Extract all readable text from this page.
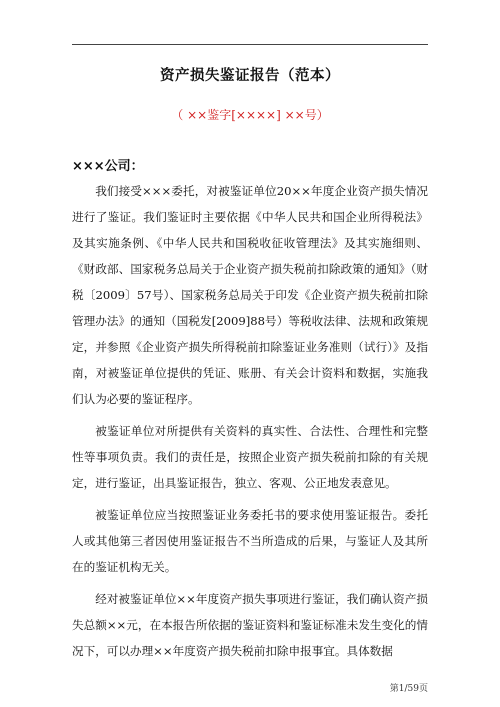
资产损失鉴证报告（范本）
（ ××鉴字[××××] ××号）
×××公司：

我们接受×××委托，对被鉴证单位20××年度企业资产损失情况进行了鉴证。我们鉴证时主要依据《中华人民共和国企业所得税法》及其实施条例、《中华人民共和国税收征收管理法》及其实施细则、《财政部、国家税务总局关于企业资产损失税前扣除政策的通知》（财税〔2009〕57号）、国家税务总局关于印发《企业资产损失税前扣除管理办法》的通知（国税发[2009]88号）等税收法律、法规和政策规定，并参照《企业资产损失所得税前扣除鉴证业务准则（试行）》及指南，对被鉴证单位提供的凭证、账册、有关会计资料和数据，实施我们认为必要的鉴证程序。

被鉴证单位对所提供有关资料的真实性、合法性、合理性和完整性等事项负责。我们的责任是，按照企业资产损失税前扣除的有关规定，进行鉴证，出具鉴证报告，独立、客观、公正地发表意见。

被鉴证单位应当按照鉴证业务委托书的要求使用鉴证报告。委托人或其他第三者因使用鉴证报告不当所造成的后果，与鉴证人及其所在的鉴证机构无关。

经对被鉴证单位××年度资产损失事项进行鉴证，我们确认资产损失总额××元，在本报告所依据的鉴证资料和鉴证标准未发生变化的情况下，可以办理××年度资产损失税前扣除申报事宜。具体数据

第1/59页
